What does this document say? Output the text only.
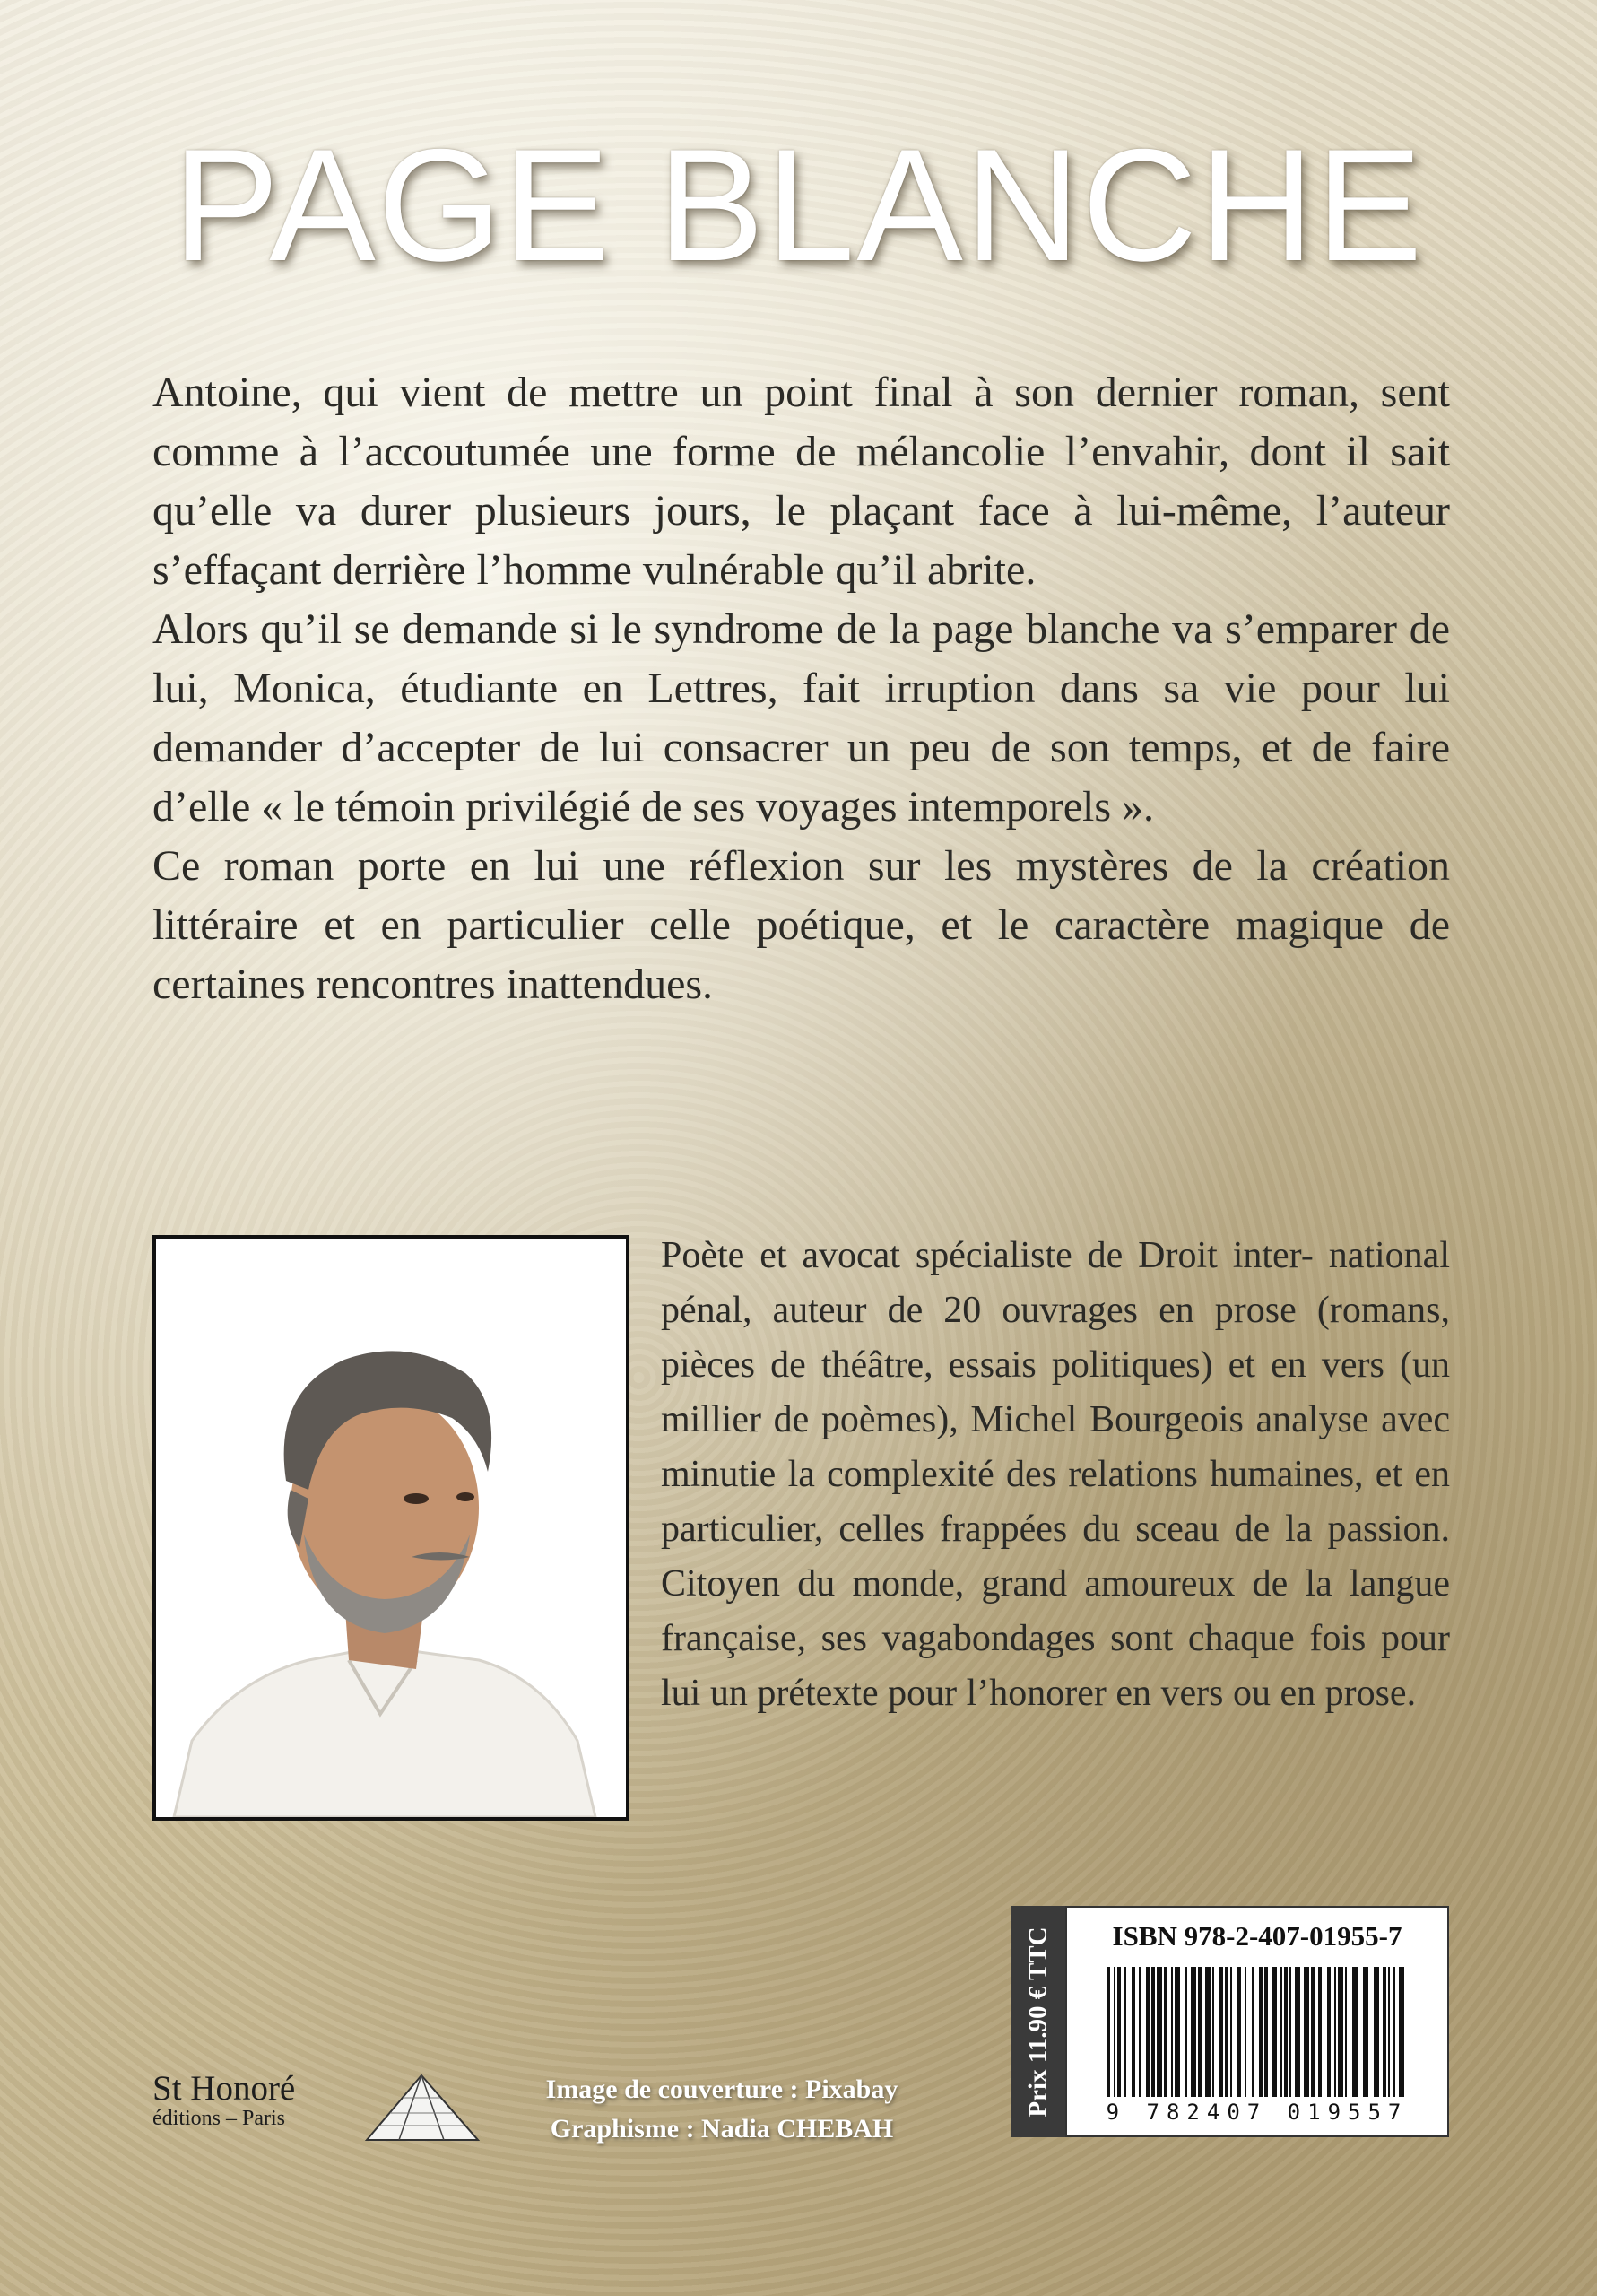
PAGE BLANCHE

Antoine, qui vient de mettre un point final à son dernier roman, sent comme à l’accoutumée une forme de mélancolie l’envahir, dont il sait qu’elle va durer plusieurs jours, le plaçant face à lui-même, l’auteur s’effaçant derrière l’homme vulnérable qu’il abrite.

Alors qu’il se demande si le syndrome de la page blanche va s’emparer de lui, Monica, étudiante en Lettres, fait irruption dans sa vie pour lui demander d’accepter de lui consacrer un peu de son temps, et de faire d’elle « le témoin privilégié de ses voyages intemporels ».

Ce roman porte en lui une réflexion sur les mystères de la création littéraire et en particulier celle poétique, et le caractère magique de certaines rencontres inattendues.

Poète et avocat spécialiste de Droit inter- national pénal, auteur de 20 ouvrages en prose (romans, pièces de théâtre, essais politiques) et en vers (un millier de poèmes), Michel Bourgeois analyse avec minutie la complexité des relations humaines, et en particulier, celles frappées du sceau de la passion. Citoyen du monde, grand amoureux de la langue française, ses vagabondages sont chaque fois pour lui un prétexte pour l’honorer en vers ou en prose.

Prix 11.90 € TTC	ISBN 978-2-407-01955-7
9 782407 019557
St Honoré
éditions – Paris
Image de couverture : Pixabay
Graphisme : Nadia CHEBAH
